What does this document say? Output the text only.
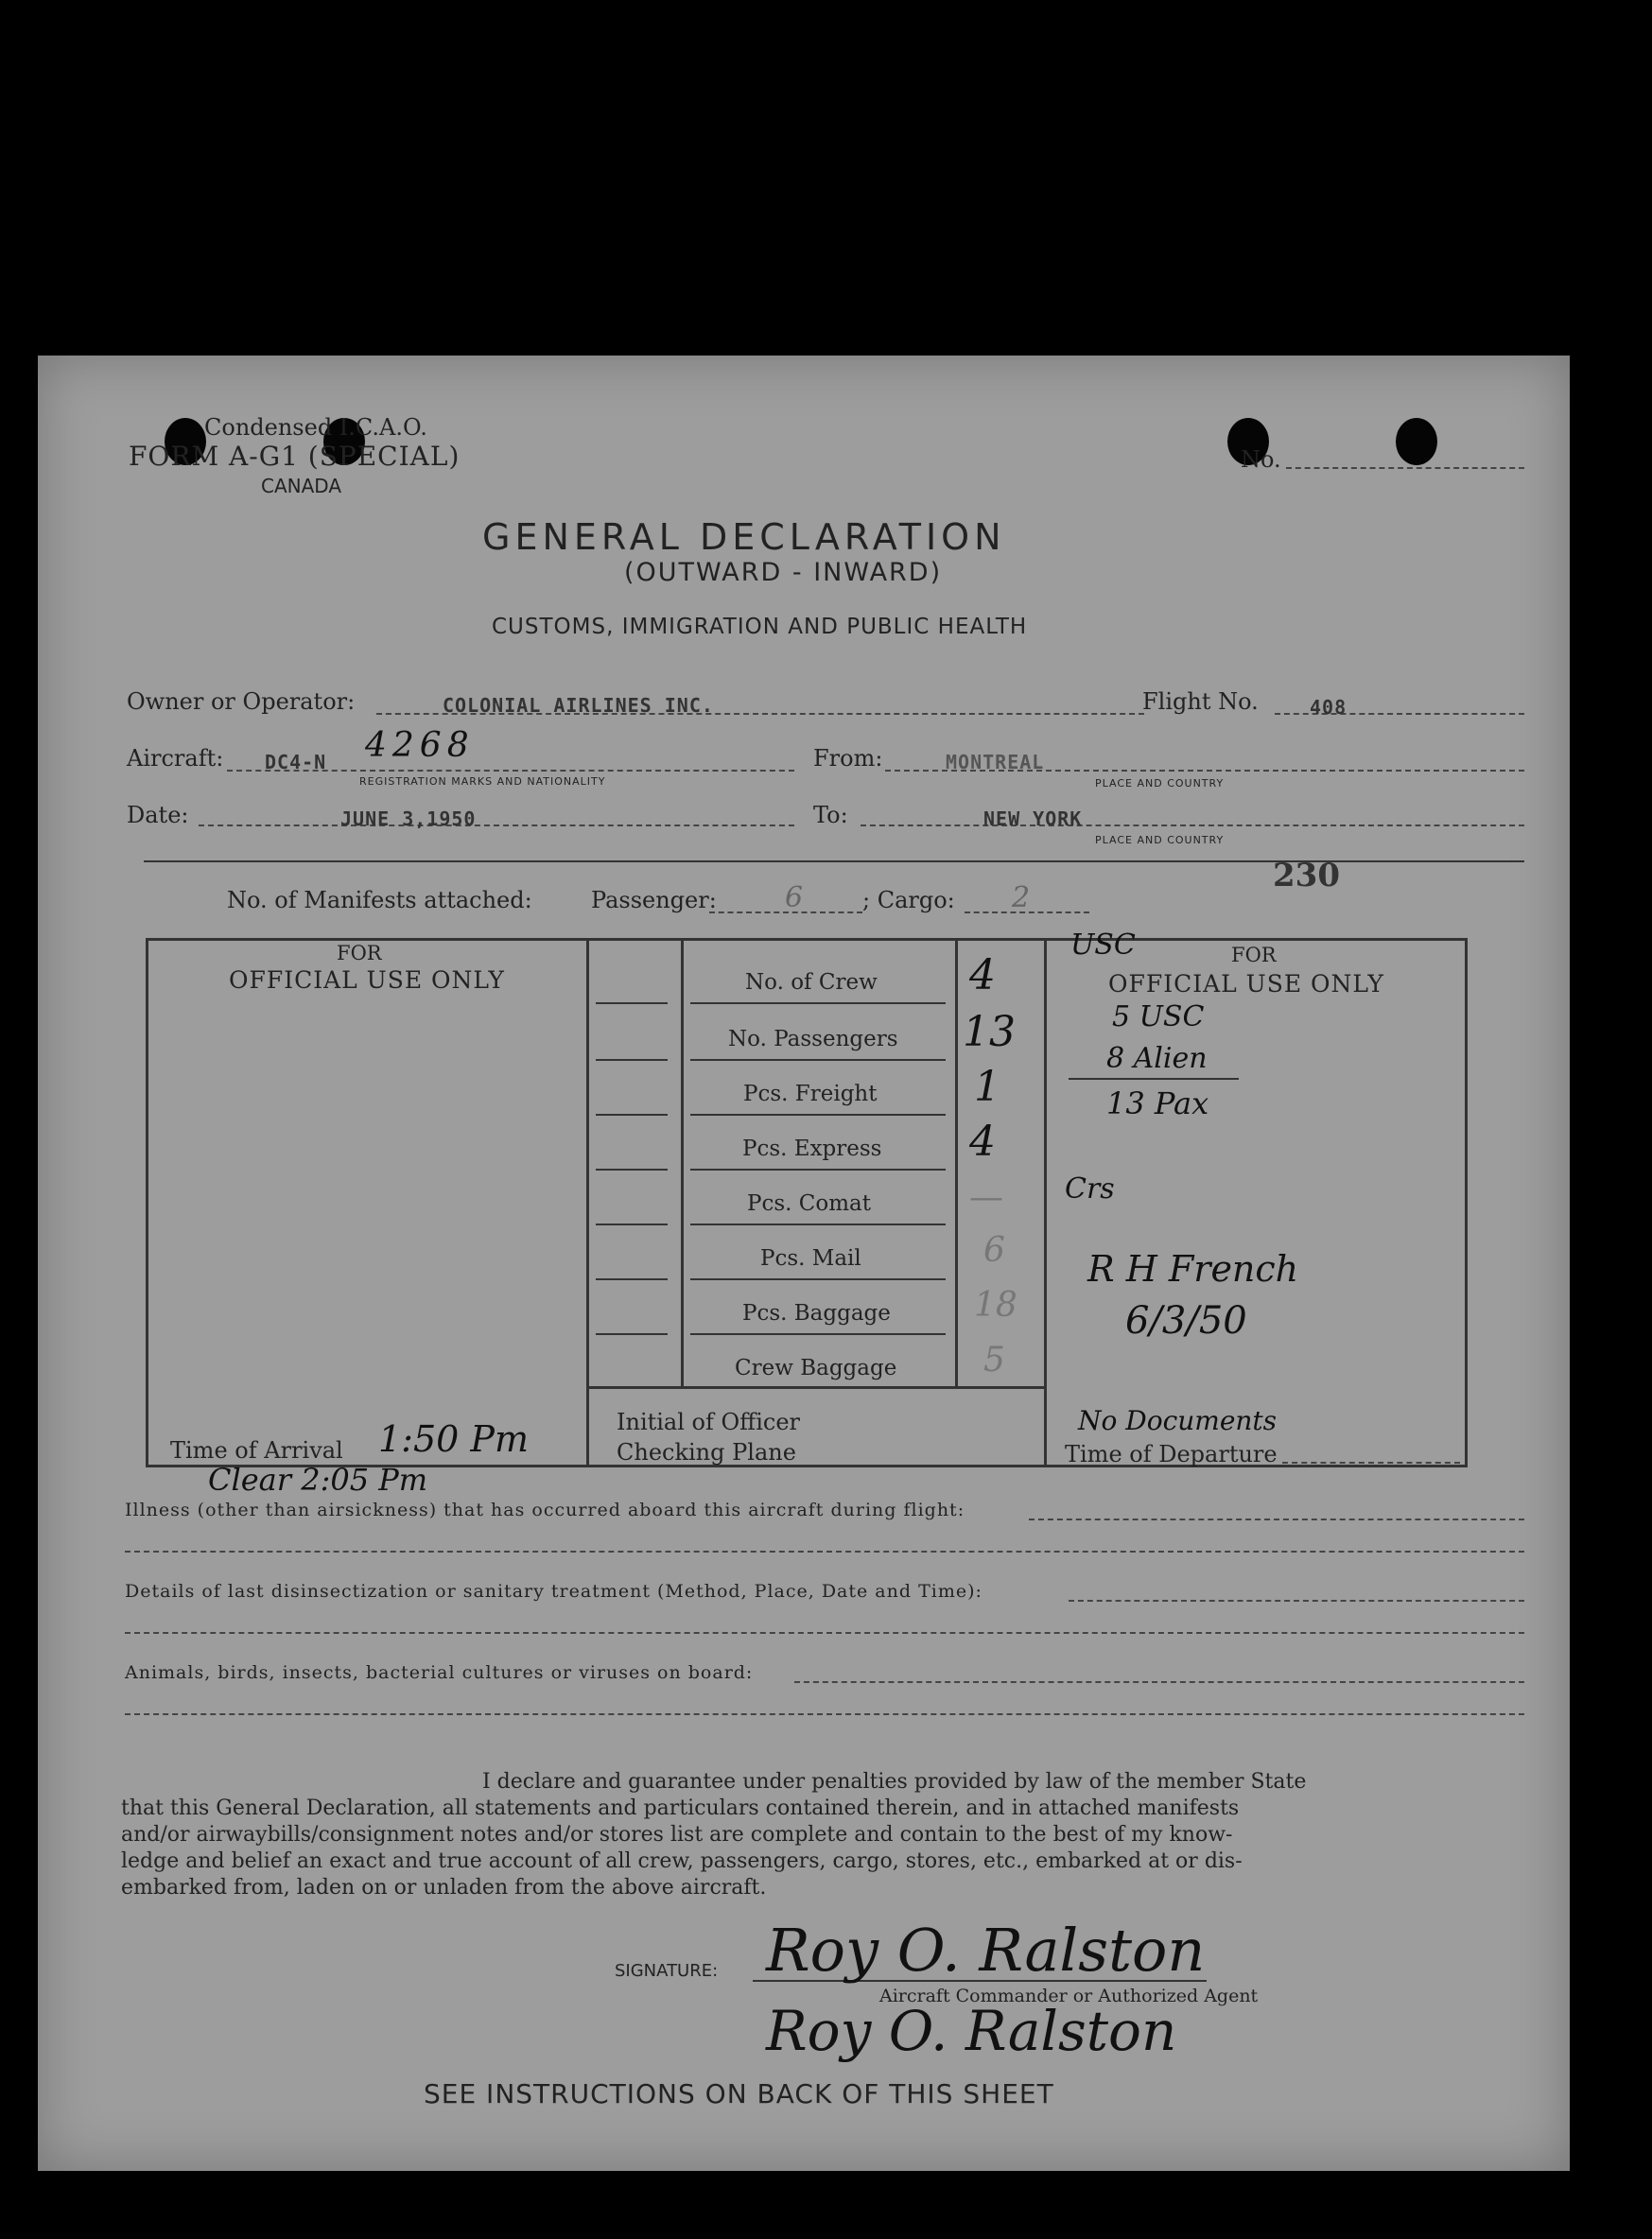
Condensed I.C.A.O.
FORM A-G1 (SPECIAL)
CANADA
No.
GENERAL DECLARATION
(OUTWARD - INWARD)
CUSTOMS, IMMIGRATION AND PUBLIC HEALTH
Owner or Operator:	COLONIAL AIRLINES INC.	Flight No.	408
Aircraft: DC4-N 4268
REGISTRATION MARKS AND NATIONALITY
From:	MONTREAL
PLACE AND COUNTRY
Date:	JUNE 3,1950	To:	NEW YORK
PLACE AND COUNTRY
230
No. of Manifests attached:	Passenger: 6	; Cargo: 2
FOR
OFFICIAL USE ONLY
FOR
OFFICIAL USE ONLY
No. of Crew 4
No. Passengers 13
Pcs. Freight 1
Pcs. Express 4
Pcs. Comat	—
Pcs. Mail	6
Pcs. Baggage 18
Crew Baggage	5
USC
5 USC
8 Alien
13 Pax
Crs
R H French
6/3/50
No Documents
Time of Arrival 1:50 Pm
Clear 2:05 Pm
Initial of Officer
Checking Plane	Time of Departure
Illness (other than airsickness) that has occurred aboard this aircraft during flight:
Details of last disinsectization or sanitary treatment (Method, Place, Date and Time):
Animals, birds, insects, bacterial cultures or viruses on board:
I declare and guarantee under penalties provided by law of the member State
that this General Declaration, all statements and particulars contained therein, and in attached manifests
and/or airwaybills/consignment notes and/or stores list are complete and contain to the best of my know-
ledge and belief an exact and true account of all crew, passengers, cargo, stores, etc., embarked at or dis-
embarked from, laden on or unladen from the above aircraft.
SIGNATURE: Roy O. Ralston
Aircraft Commander or Authorized Agent
Roy O. Ralston
SEE INSTRUCTIONS ON BACK OF THIS SHEET
